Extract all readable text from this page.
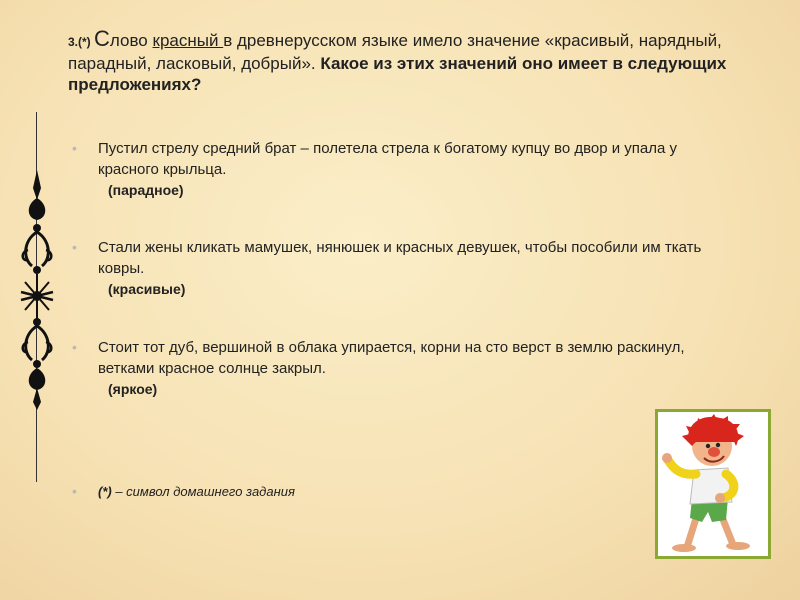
3.(*) Слово красный в древнерусском языке имело значение «красивый, нарядный, парадный, ласковый, добрый». Какое из этих значений оно имеет в следующих предложениях?
•	Пустил стрелу средний брат – полетела стрела к богатому купцу во двор и упала у красного крыльца.
(парадное)
•	Стали жены кликать мамушек, нянюшек и красных девушек, чтобы пособили им ткать ковры.
(красивые)
•	Стоит тот дуб, вершиной в облака упирается, корни на сто верст в землю раскинул, ветками красное солнце закрыл.
(яркое)
•	(*) – символ домашнего задания
